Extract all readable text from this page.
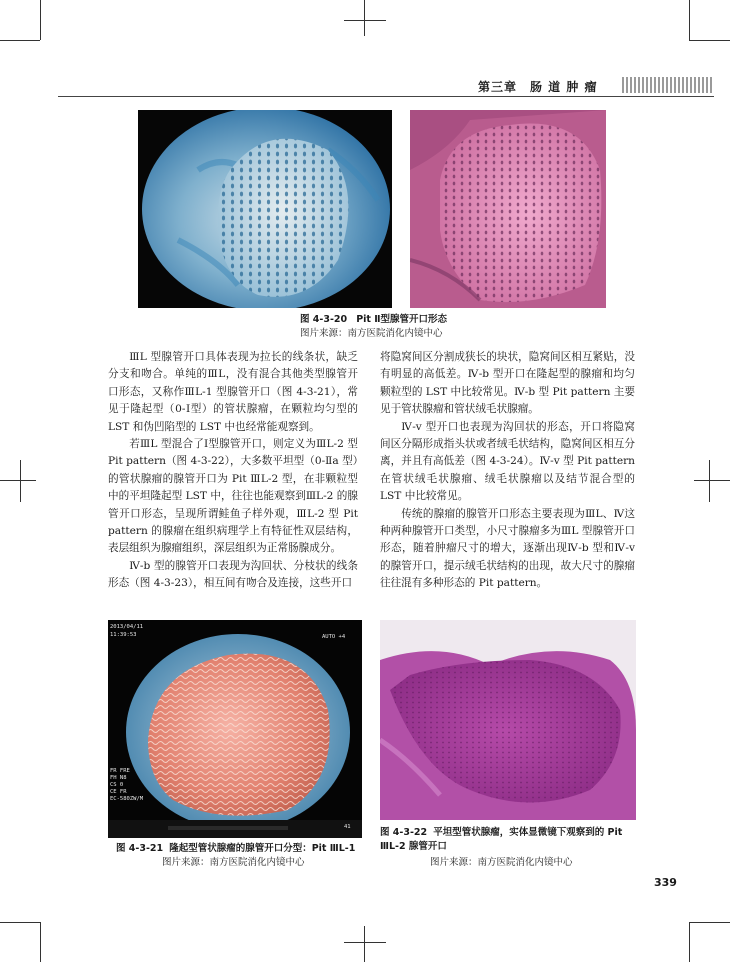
第三章　肠 道 肿 瘤
图 4-3-20 Pit Ⅱ型腺管开口形态
图片来源：南方医院消化内镜中心

ⅢL 型腺管开口具体表现为拉长的线条状，缺乏分支和吻合。单纯的ⅢL，没有混合其他类型腺管开口形态，又称作ⅢL-1 型腺管开口（图 4-3-21），常见于隆起型（0-Ⅰ型）的管状腺瘤，在颗粒均匀型的 LST 和伪凹陷型的 LST 中也经常能观察到。

若ⅢL 型混合了Ⅰ型腺管开口，则定义为ⅢL-2 型 Pit pattern（图 4-3-22），大多数平坦型（0-Ⅱa 型）的管状腺瘤的腺管开口为 Pit ⅢL-2 型，在非颗粒型中的平坦隆起型 LST 中，往往也能观察到ⅢL-2 的腺管开口形态，呈现所谓鲑鱼子样外观，ⅢL-2 型 Pit pattern 的腺瘤在组织病理学上有特征性双层结构，表层组织为腺瘤组织，深层组织为正常肠腺成分。

Ⅳ-b 型的腺管开口表现为沟回状、分枝状的线条形态（图 4-3-23），相互间有吻合及连接，这些开口

将隐窝间区分割成狭长的块状，隐窝间区相互紧贴，没有明显的高低差。Ⅳ-b 型开口在隆起型的腺瘤和均匀颗粒型的 LST 中比较常见。Ⅳ-b 型 Pit pattern 主要见于管状腺瘤和管状绒毛状腺瘤。

Ⅳ-v 型开口也表现为沟回状的形态，开口将隐窝间区分隔形成指头状或者绒毛状结构，隐窝间区相互分离，并且有高低差（图 4-3-24）。Ⅳ-v 型 Pit pattern 在管状绒毛状腺瘤、绒毛状腺瘤以及结节混合型的 LST 中比较常见。

传统的腺瘤的腺管开口形态主要表现为ⅢL、Ⅳ这种两种腺管开口类型，小尺寸腺瘤多为ⅢL 型腺管开口形态，随着肿瘤尺寸的增大，逐渐出现Ⅳ-b 型和Ⅳ-v 的腺管开口，提示绒毛状结构的出现，故大尺寸的腺瘤往往混有多种形态的 Pit pattern。

2013/04/11
11:39:53	AUTO +4
FR FRE
FH N8
CS 0
CE FR
EC-580ZW/M
41
图 4-3-21 隆起型管状腺瘤的腺管开口分型：Pit ⅢL-1
图片来源：南方医院消化内镜中心
图 4-3-22 平坦型管状腺瘤，实体显微镜下观察到的 Pit ⅢL-2 腺管开口
图片来源：南方医院消化内镜中心
339
